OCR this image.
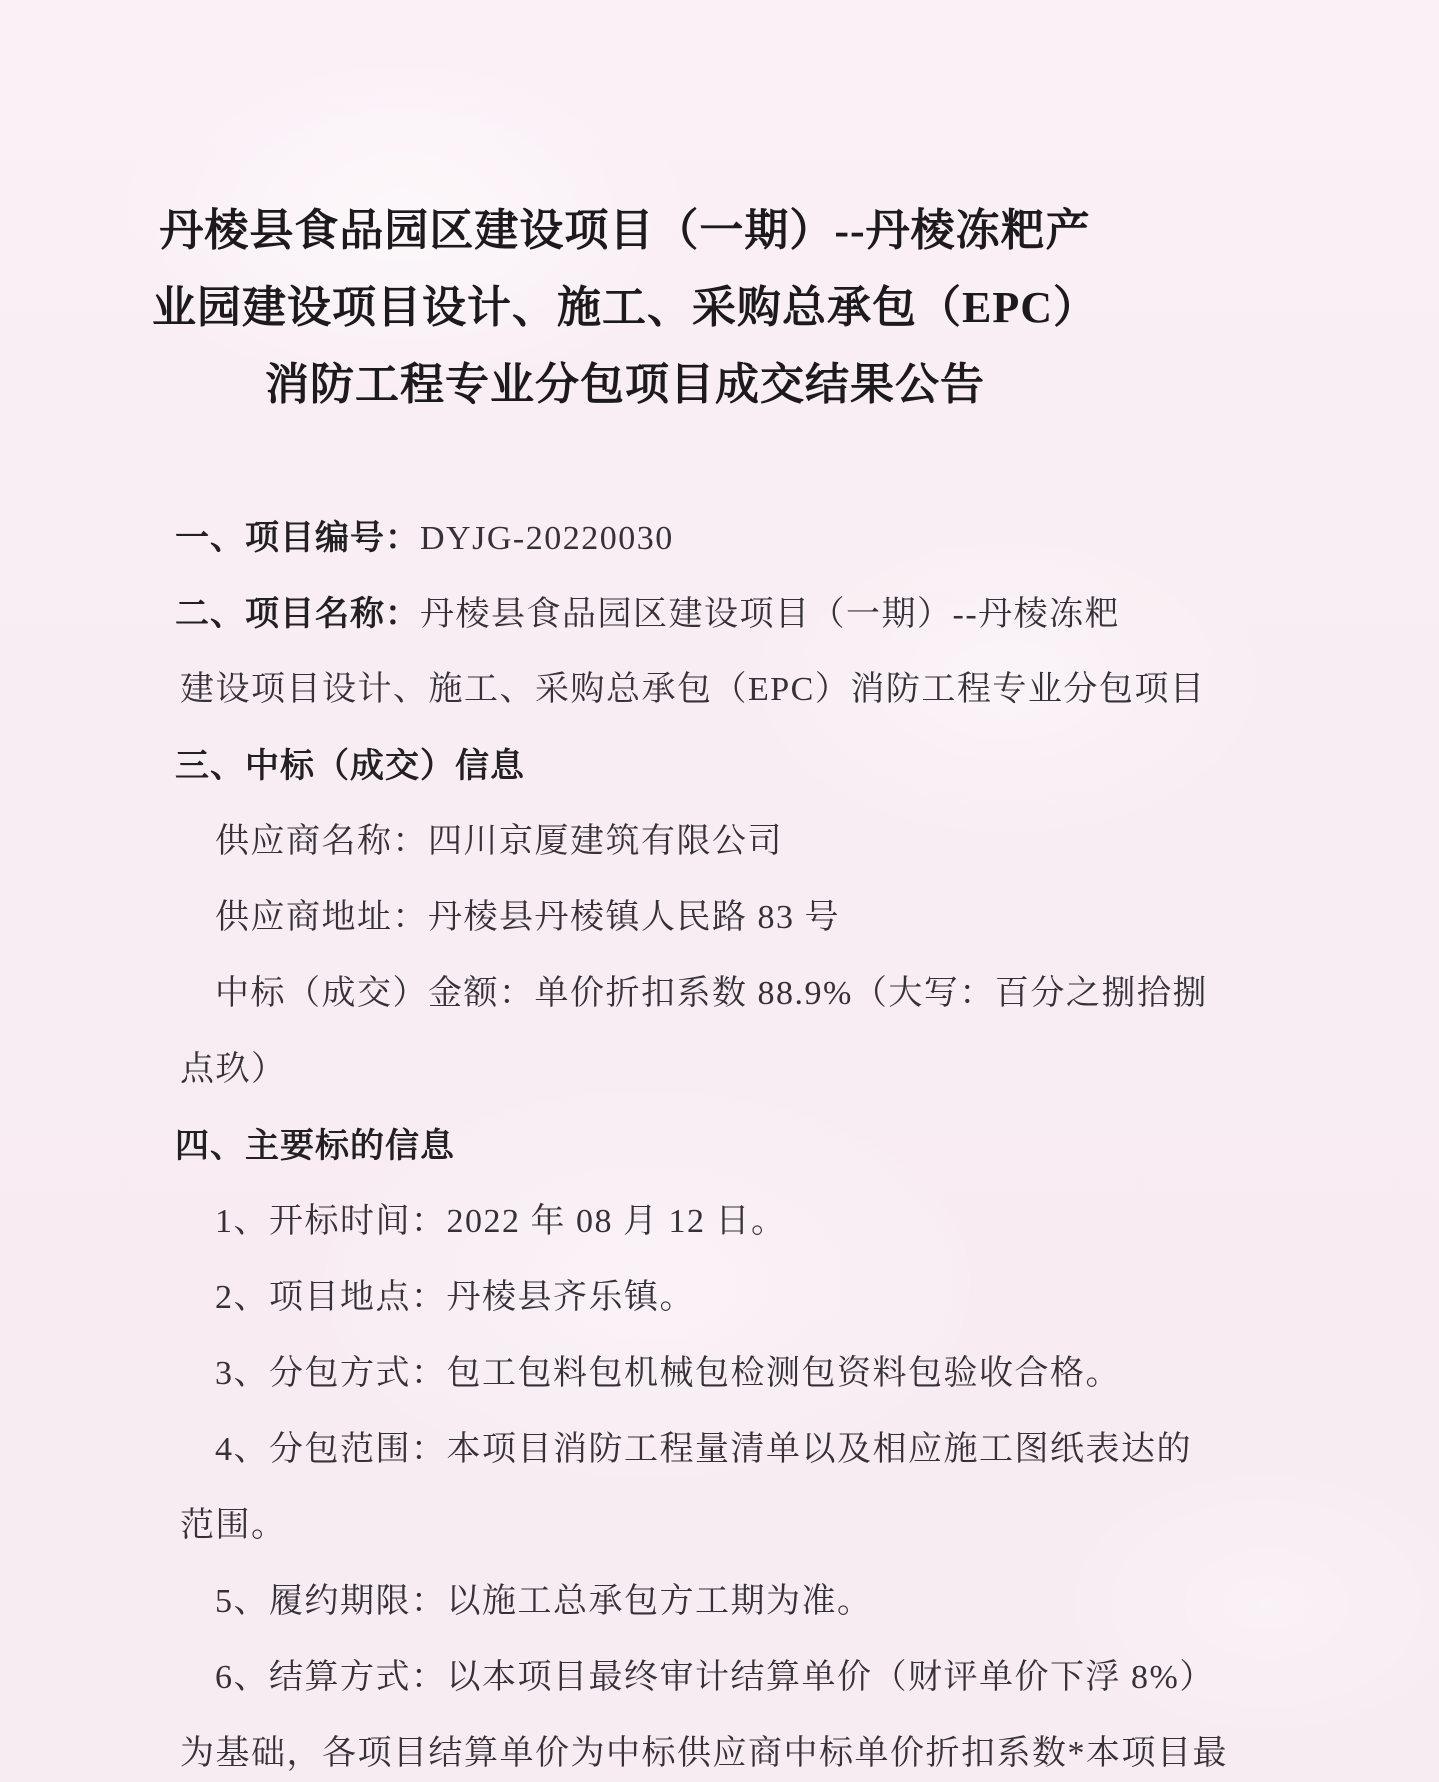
丹棱县食品园区建设项目（一期）--丹棱冻粑产
业园建设项目设计、施工、采购总承包（EPC）
消防工程专业分包项目成交结果公告
一、项目编号：DYJG-20220030
二、项目名称：丹棱县食品园区建设项目（一期）--丹棱冻粑
建设项目设计、施工、采购总承包（EPC）消防工程专业分包项目
三、中标（成交）信息
供应商名称：四川京厦建筑有限公司
供应商地址：丹棱县丹棱镇人民路 83 号
中标（成交）金额：单价折扣系数 88.9%（大写：百分之捌拾捌
点玖）
四、主要标的信息
1、开标时间：2022 年 08 月 12 日。
2、项目地点：丹棱县齐乐镇。
3、分包方式：包工包料包机械包检测包资料包验收合格。
4、分包范围：本项目消防工程量清单以及相应施工图纸表达的
范围。
5、履约期限：以施工总承包方工期为准。
6、结算方式：以本项目最终审计结算单价（财评单价下浮 8%）
为基础，各项目结算单价为中标供应商中标单价折扣系数*本项目最
